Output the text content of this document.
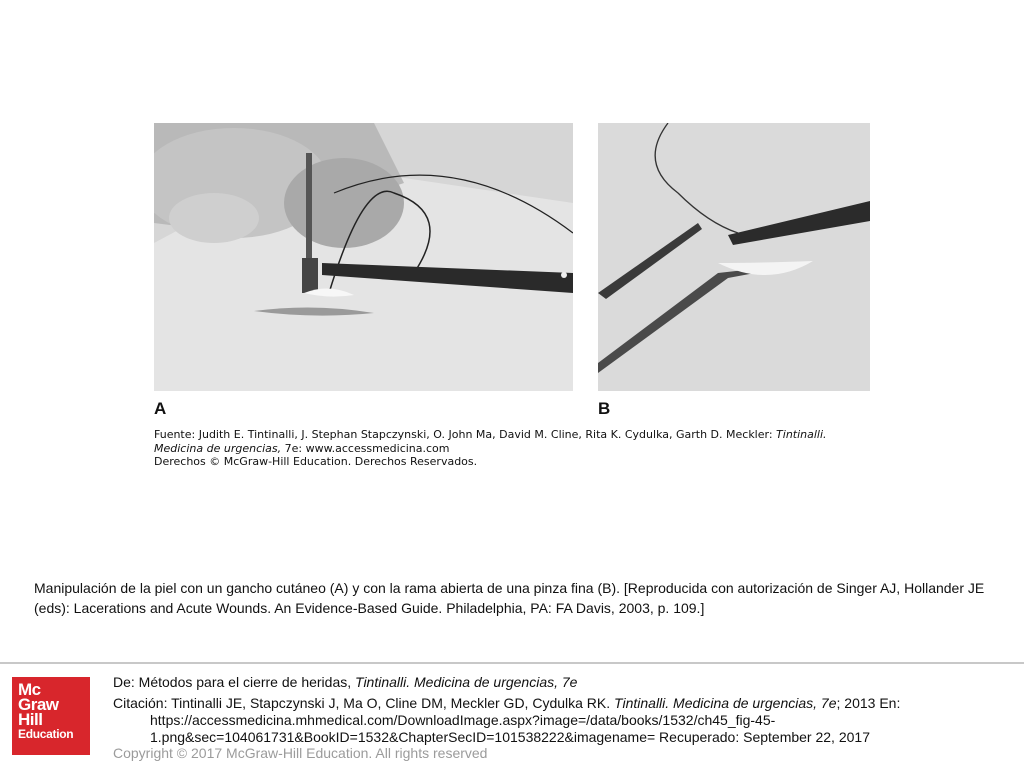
A	B
Fuente: Judith E. Tintinalli, J. Stephan Stapczynski, O. John Ma, David M. Cline, Rita K. Cydulka, Garth D. Meckler: Tintinalli.
Medicina de urgencias, 7e: www.accessmedicina.com
Derechos © McGraw-Hill Education. Derechos Reservados.
Manipulación de la piel con un gancho cutáneo (A) y con la rama abierta de una pinza fina (B). [Reproducida con autorización de Singer AJ, Hollander JE (eds): Lacerations and Acute Wounds. An Evidence-Based Guide. Philadelphia, PA: FA Davis, 2003, p. 109.]
Mc
Graw
Hill
Education
De: Métodos para el cierre de heridas, Tintinalli. Medicina de urgencias, 7e
Citación: Tintinalli JE, Stapczynski J, Ma O, Cline DM, Meckler GD, Cydulka RK. Tintinalli. Medicina de urgencias, 7e; 2013 En:
https://accessmedicina.mhmedical.com/DownloadImage.aspx?image=/data/books/1532/ch45_fig-45-
1.png&sec=104061731&BookID=1532&ChapterSecID=101538222&imagename= Recuperado: September 22, 2017
Copyright © 2017 McGraw-Hill Education. All rights reserved
